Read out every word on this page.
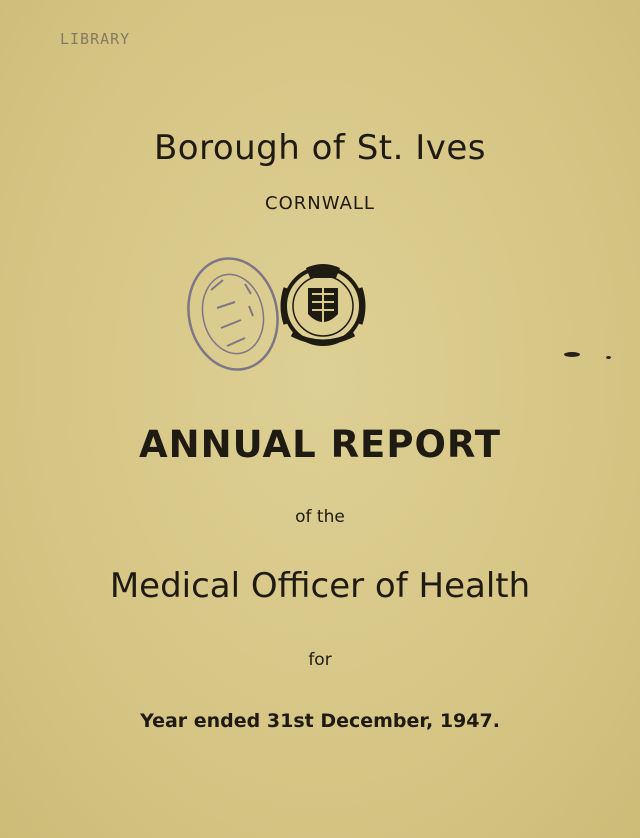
LIBRARY
Borough of St. Ives
CORNWALL
ANNUAL REPORT
of the
Medical Officer of Health
for
Year ended 31st December, 1947.
